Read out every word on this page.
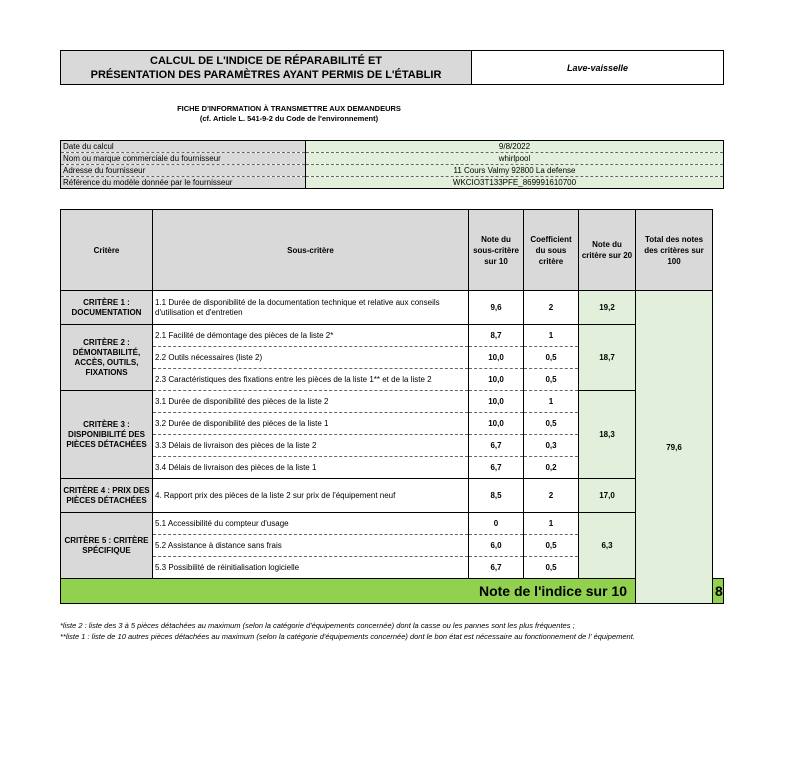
CALCUL DE L'INDICE DE RÉPARABILITÉ ET
PRÉSENTATION DES PARAMÈTRES AYANT PERMIS DE L'ÉTABLIR
Lave-vaisselle
FICHE D'INFORMATION À TRANSMETTRE AUX DEMANDEURS
(cf. Article L. 541-9-2 du Code de l'environnement)
Date du calcul	9/8/2022
Nom ou marque commerciale du fournisseur	whirlpool
Adresse du fournisseur	11 Cours Valmy 92800 La defense
Référence du modèle donnée par le fournisseur	WKCIO3T133PFE_869991610700
Critère	Sous-critère	Note du sous-critère sur 10	Coefficient du sous critère	Note du critère sur 20	Total des notes des critères sur 100	
CRITÈRE 1 : DOCUMENTATION	1.1 Durée de disponibilité de la documentation technique et relative aux conseils d'utilisation et d'entretien	9,6	2	19,2	79,6	
CRITÈRE 2 : DÉMONTABILITÉ, ACCÈS, OUTILS, FIXATIONS	2.1 Facilité de démontage des pièces de la liste 2*	8,7	1	18,7		
	2.2 Outils nécessaires (liste 2)	10,0	0,5			
	2.3 Caractéristiques des fixations entre les pièces de la liste 1** et de la liste 2	10,0	0,5			
CRITÈRE 3 : DISPONIBILITÉ DES PIÈCES DÉTACHÉES	3.1 Durée de disponibilité des pièces de la liste 2	10,0	1	18,3		
	3.2 Durée de disponibilité des pièces de la liste 1	10,0	0,5			
	3.3 Délais de livraison des pièces de la liste 2	6,7	0,3			
	3.4 Délais de livraison des pièces de la liste 1	6,7	0,2			
CRITÈRE 4 : PRIX DES PIÈCES DÉTACHÉES	4. Rapport prix des pièces de la liste 2 sur prix de l'équipement neuf	8,5	2	17,0		
CRITÈRE 5 : CRITÈRE SPÉCIFIQUE	5.1 Accessibilité du compteur d'usage	0	1	6,3		
	5.2 Assistance à distance sans frais	6,0	0,5			
	5.3 Possibilité de réinitialisation logicielle	6,7	0,5			
Note de l'indice sur 10						8
*liste 2 : liste des 3 à 5 pièces détachées au maximum (selon la catégorie d'équipements concernée) dont la casse ou les pannes sont les plus fréquentes ;
**liste 1 : liste de 10 autres pièces détachées au maximum (selon la catégorie d'équipements concernée) dont le bon état est nécessaire au fonctionnement de l' équipement.
